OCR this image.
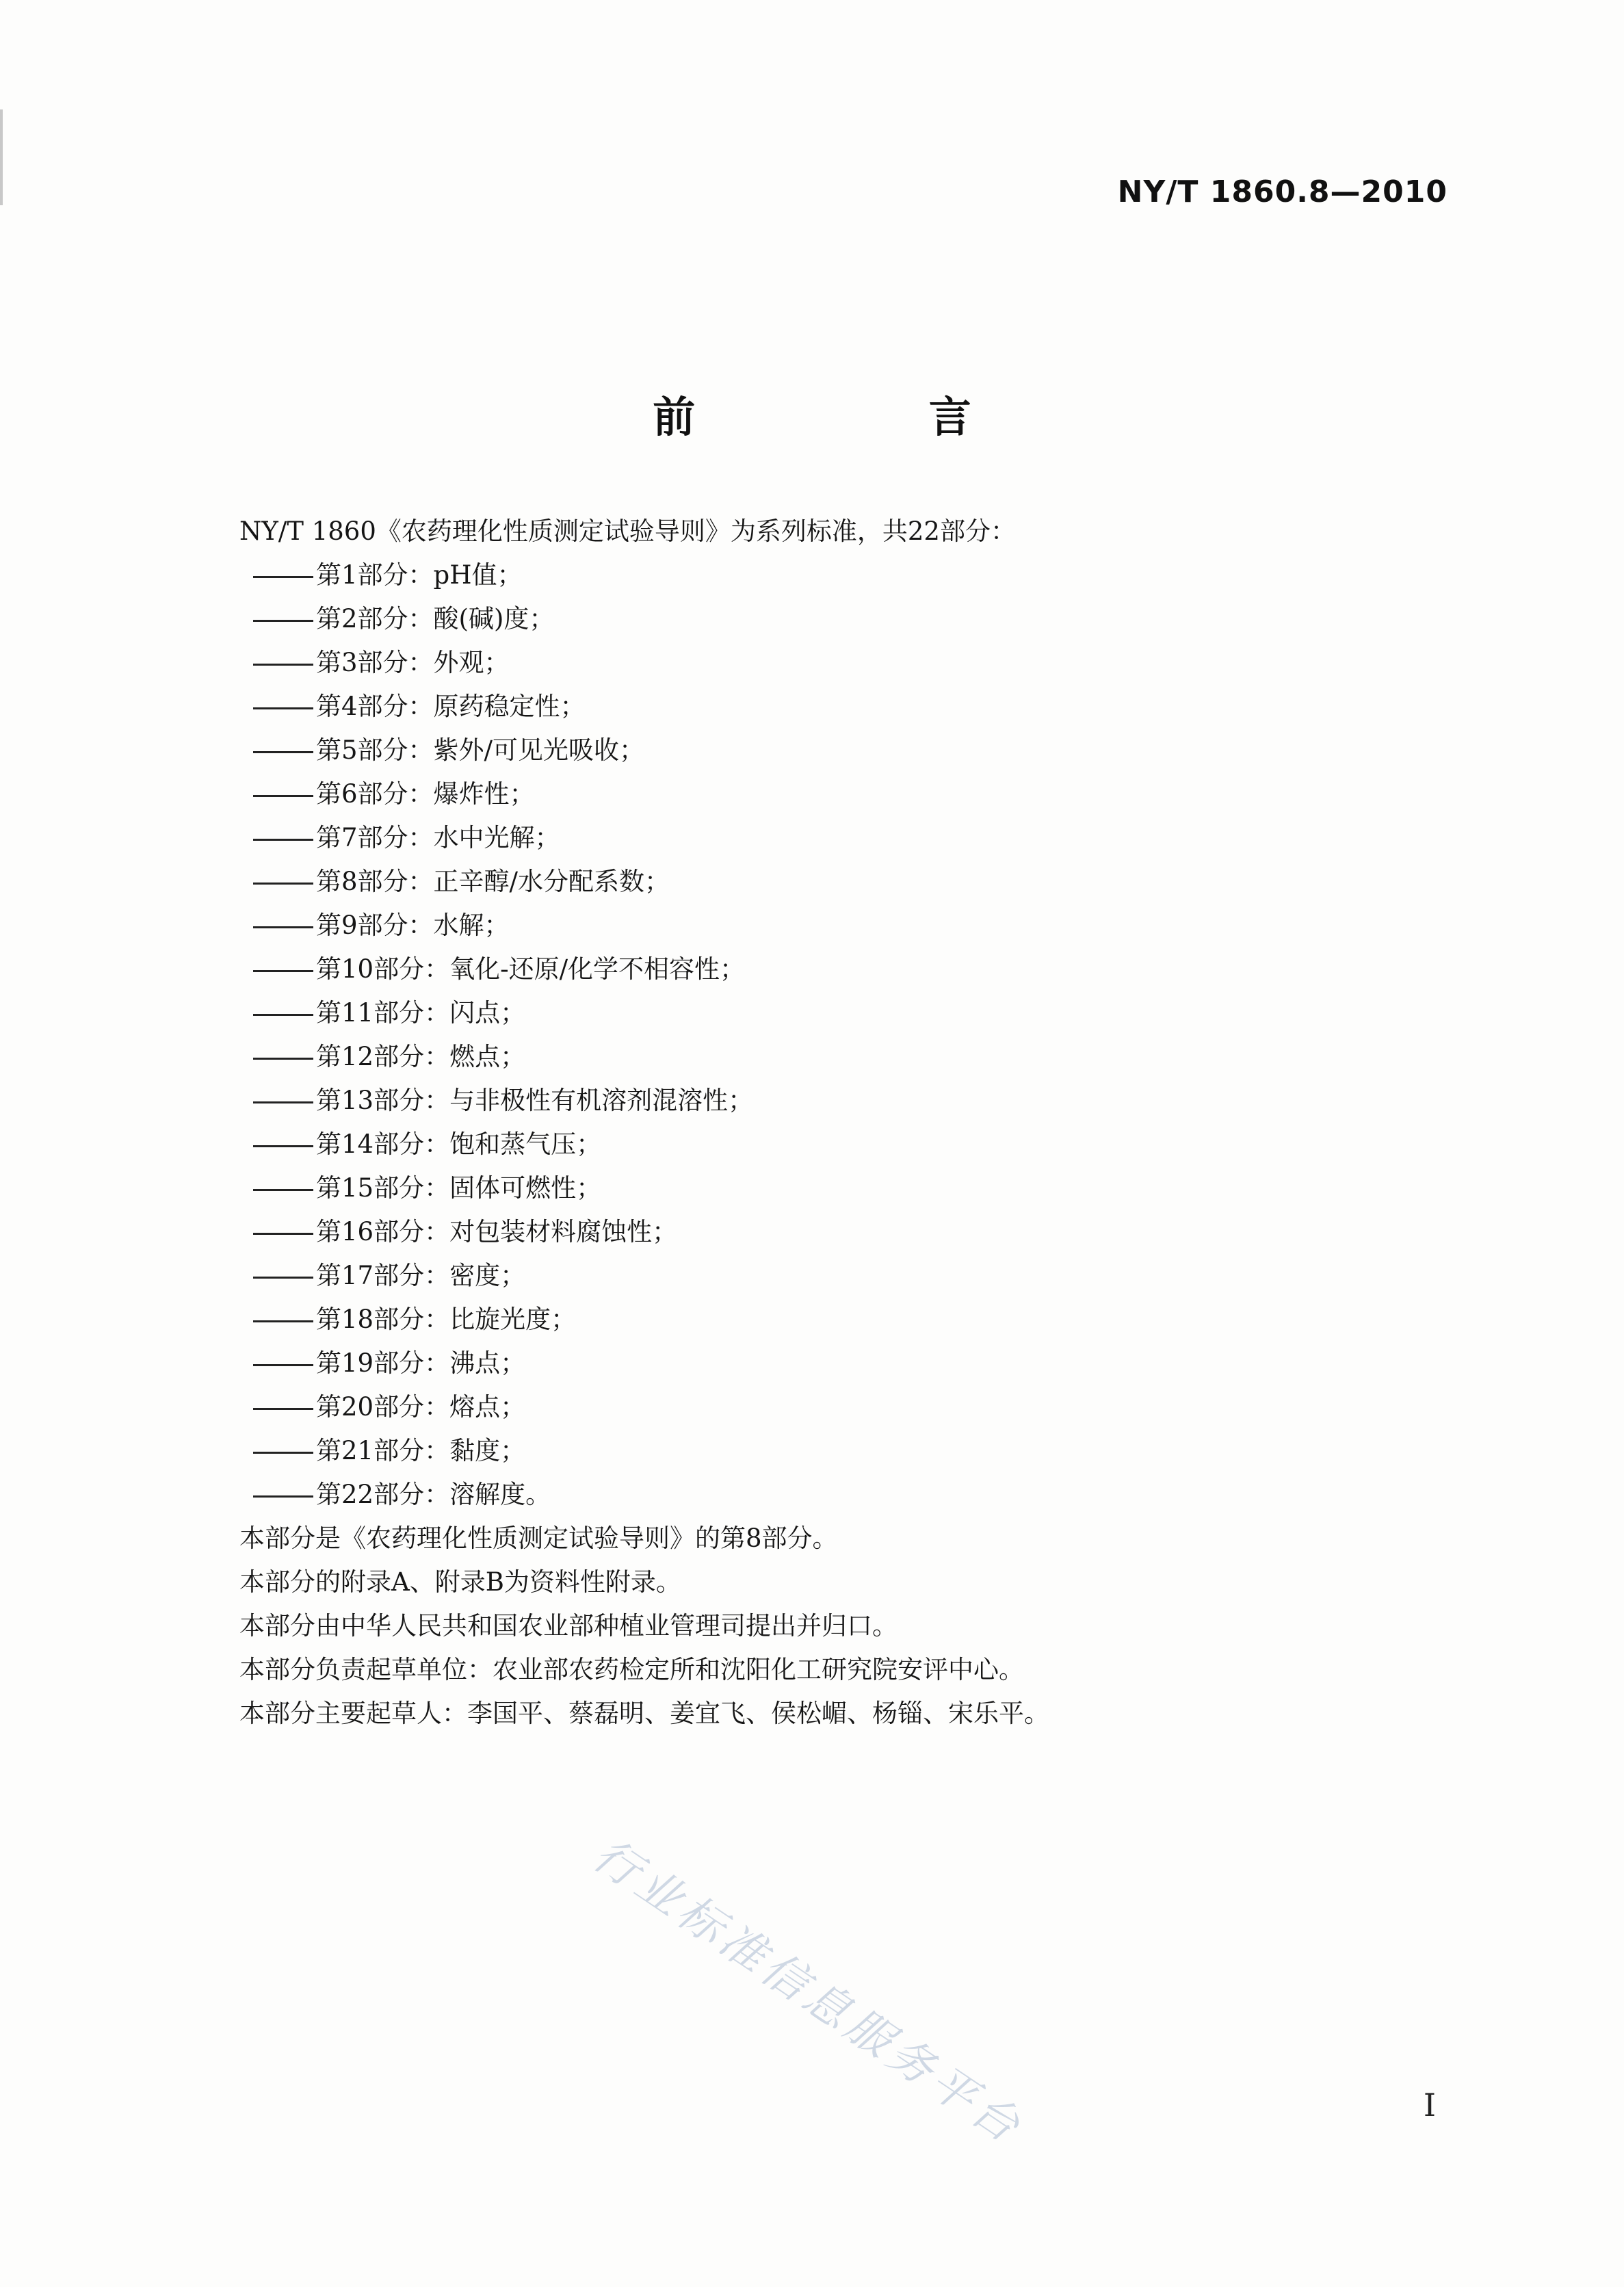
NY/T 1860.8—2010
前 言
NY/T 1860《农药理化性质测定试验导则》为系列标准，共22部分：
第1部分：pH值；
第2部分：酸(碱)度；
第3部分：外观；
第4部分：原药稳定性；
第5部分：紫外/可见光吸收；
第6部分：爆炸性；
第7部分：水中光解；
第8部分：正辛醇/水分配系数；
第9部分：水解；
第10部分：氧化-还原/化学不相容性；
第11部分：闪点；
第12部分：燃点；
第13部分：与非极性有机溶剂混溶性；
第14部分：饱和蒸气压；
第15部分：固体可燃性；
第16部分：对包装材料腐蚀性；
第17部分：密度；
第18部分：比旋光度；
第19部分：沸点；
第20部分：熔点；
第21部分：黏度；
第22部分：溶解度。
本部分是《农药理化性质测定试验导则》的第8部分。
本部分的附录A、附录B为资料性附录。
本部分由中华人民共和国农业部种植业管理司提出并归口。
本部分负责起草单位：农业部农药检定所和沈阳化工研究院安评中心。
本部分主要起草人：李国平、蔡磊明、姜宜飞、侯松嵋、杨锱、宋乐平。
行业标准信息服务平台	I
